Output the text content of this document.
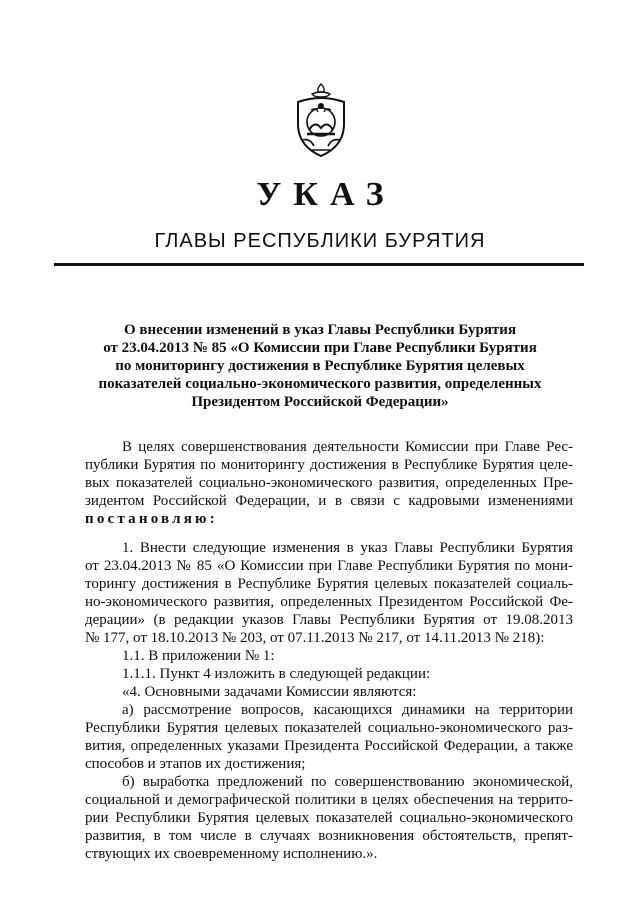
УКАЗ
ГЛАВЫ РЕСПУБЛИКИ БУРЯТИЯ
О внесении изменений в указ Главы Республики Бурятия
от 23.04.2013 № 85 «О Комиссии при Главе Республики Бурятия
по мониторингу достижения в Республике Бурятия целевых
показателей социально-экономического развития, определенных
Президентом Российской Федерации»
В целях совершенствования деятельности Комиссии при Главе Рес-
публики Бурятия по мониторингу достижения в Республике Бурятия целе-
вых показателей социально-экономического развития, определенных Пре-
зидентом Российской Федерации, и в связи с кадровыми изменениями
постановляю:
1. Внести следующие изменения в указ Главы Республики Бурятия
от 23.04.2013 № 85 «О Комиссии при Главе Республики Бурятия по мони-
торингу достижения в Республике Бурятия целевых показателей социаль-
но-экономического развития, определенных Президентом Российской Фе-
дерации» (в редакции указов Главы Республики Бурятия от 19.08.2013
№ 177, от 18.10.2013 № 203, от 07.11.2013 № 217, от 14.11.2013 № 218):
1.1. В приложении № 1:
1.1.1. Пункт 4 изложить в следующей редакции:
«4. Основными задачами Комиссии являются:
а) рассмотрение вопросов, касающихся динамики на территории
Республики Бурятия целевых показателей социально-экономического раз-
вития, определенных указами Президента Российской Федерации, а также
способов и этапов их достижения;
б) выработка предложений по совершенствованию экономической,
социальной и демографической политики в целях обеспечения на террито-
рии Республики Бурятия целевых показателей социально-экономического
развития, в том числе в случаях возникновения обстоятельств, препят-
ствующих их своевременному исполнению.».
